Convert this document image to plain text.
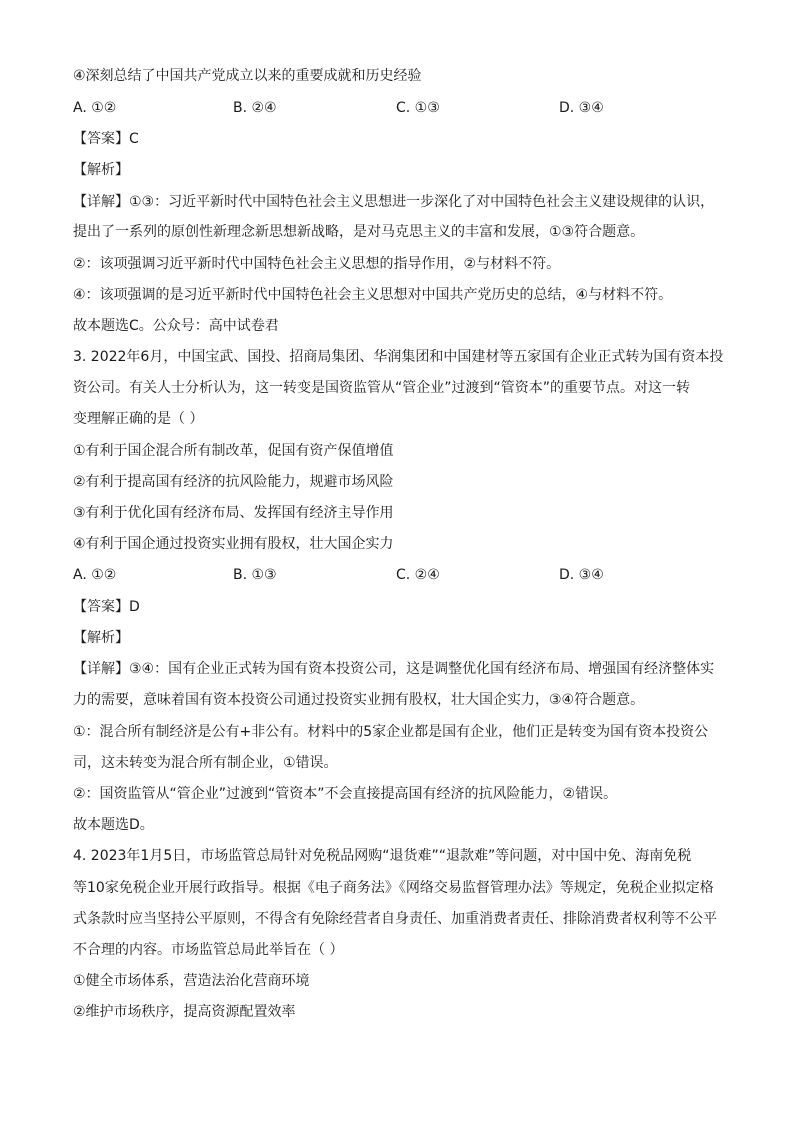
④深刻总结了中国共产党成立以来的重要成就和历史经验
A. ①②	B. ②④	C. ①③	D. ③④
【答案】C
【解析】
【详解】①③：习近平新时代中国特色社会主义思想进一步深化了对中国特色社会主义建设规律的认识，
提出了一系列的原创性新理念新思想新战略，是对马克思主义的丰富和发展，①③符合题意。
②：该项强调习近平新时代中国特色社会主义思想的指导作用，②与材料不符。
④：该项强调的是习近平新时代中国特色社会主义思想对中国共产党历史的总结，④与材料不符。
故本题选C。公众号：高中试卷君
3. 2022年6月，中国宝武、国投、招商局集团、华润集团和中国建材等五家国有企业正式转为国有资本投
资公司。有关人士分析认为，这一转变是国资监管从“管企业”过渡到“管资本”的重要节点。对这一转
变理解正确的是（ ）
①有利于国企混合所有制改革，促国有资产保值增值
②有利于提高国有经济的抗风险能力，规避市场风险
③有利于优化国有经济布局、发挥国有经济主导作用
④有利于国企通过投资实业拥有股权，壮大国企实力
A. ①②	B. ①③	C. ②④	D. ③④
【答案】D
【解析】
【详解】③④：国有企业正式转为国有资本投资公司，这是调整优化国有经济布局、增强国有经济整体实
力的需要，意味着国有资本投资公司通过投资实业拥有股权，壮大国企实力，③④符合题意。
①：混合所有制经济是公有+非公有。材料中的5家企业都是国有企业，他们正是转变为国有资本投资公
司，这未转变为混合所有制企业，①错误。
②：国资监管从“管企业”过渡到“管资本”不会直接提高国有经济的抗风险能力，②错误。
故本题选D。
4. 2023年1月5日，市场监管总局针对免税品网购“退货难”“退款难”等问题，对中国中免、海南免税
等10家免税企业开展行政指导。根据《电子商务法》《网络交易监督管理办法》等规定，免税企业拟定格
式条款时应当坚持公平原则，不得含有免除经营者自身责任、加重消费者责任、排除消费者权利等不公平
不合理的内容。市场监管总局此举旨在（ ）
①健全市场体系，营造法治化营商环境
②维护市场秩序，提高资源配置效率
